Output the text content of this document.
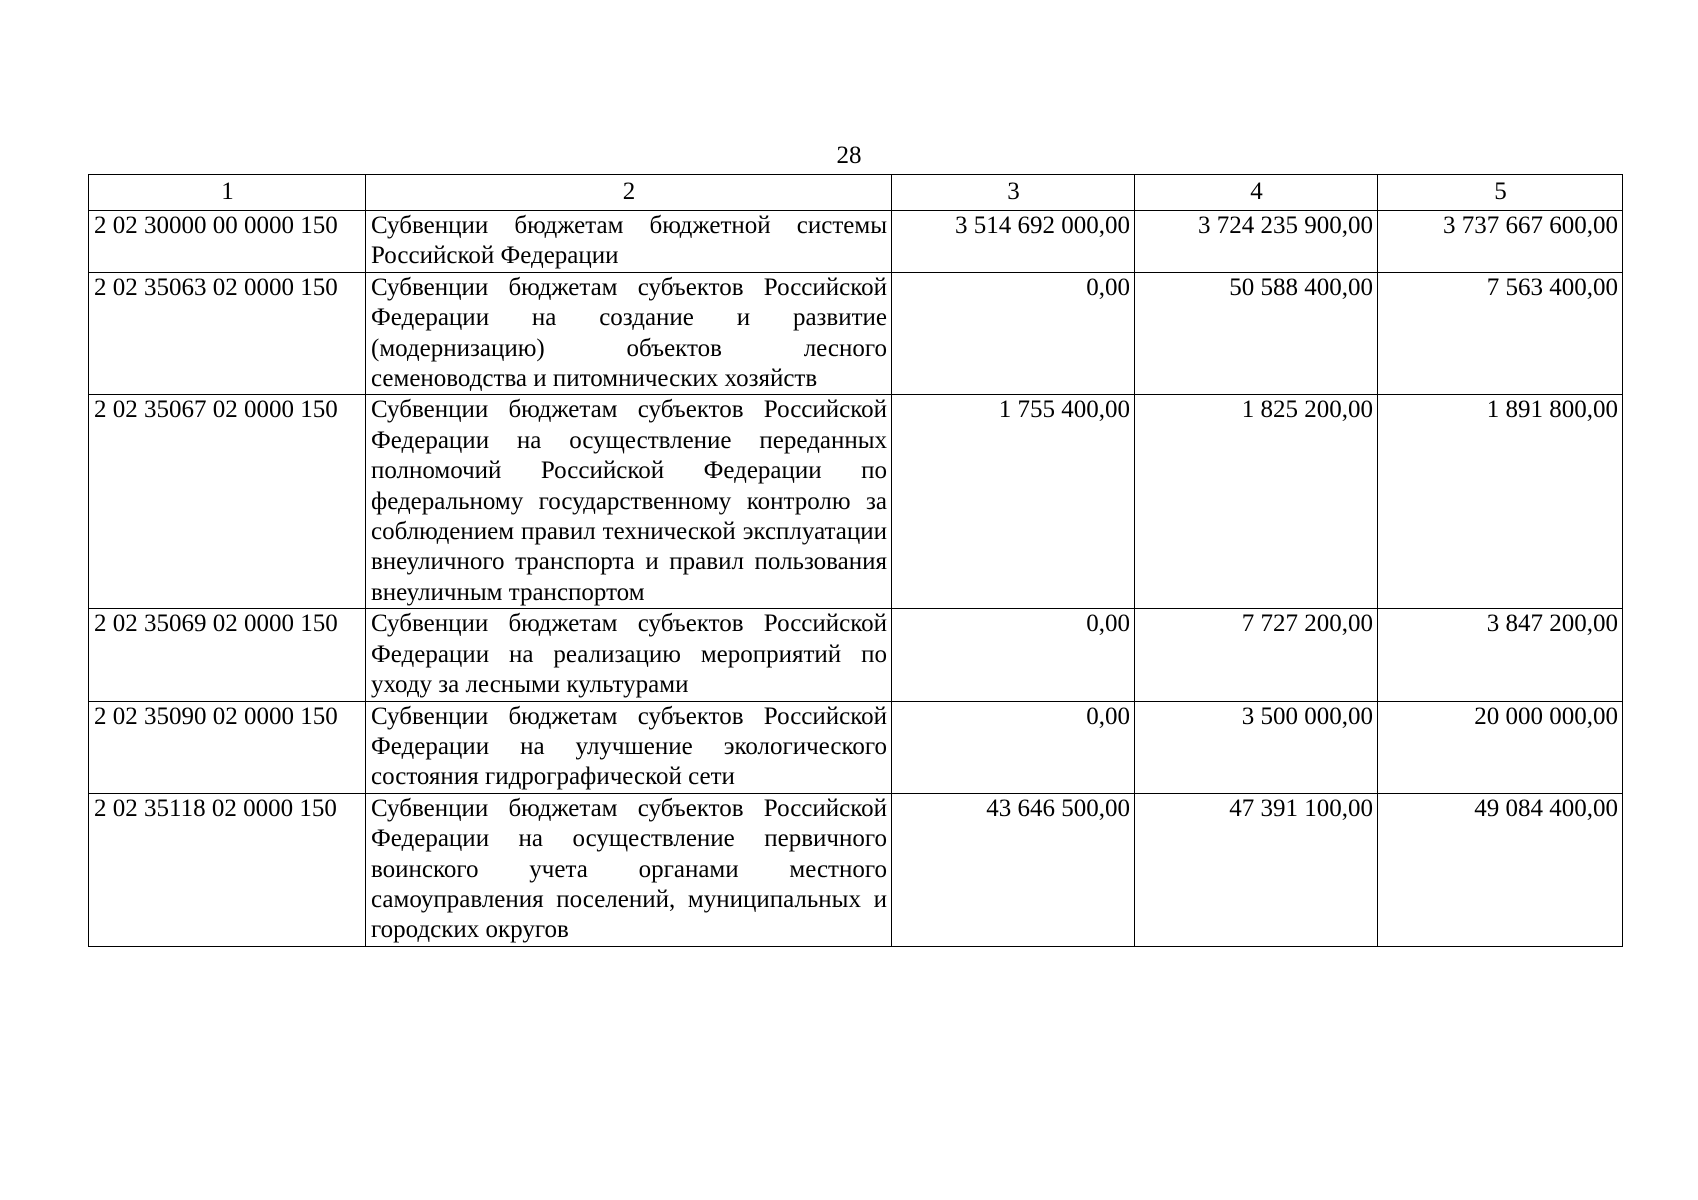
28
1	2	3	4	5
2 02 30000 00 0000 150	Субвенции бюджетам бюджетной системы Российской Федерации	3 514 692 000,00	3 724 235 900,00	3 737 667 600,00
2 02 35063 02 0000 150	Субвенции бюджетам субъектов Российской Федерации на создание и развитие (модернизацию) объектов лесного семеноводства и питомнических хозяйств	0,00	50 588 400,00	7 563 400,00
2 02 35067 02 0000 150	Субвенции бюджетам субъектов Российской Федерации на осуществление переданных полномочий Российской Федерации по федеральному государственному контролю за соблюдением правил технической эксплуатации внеуличного транспорта и правил пользования внеуличным транспортом	1 755 400,00	1 825 200,00	1 891 800,00
2 02 35069 02 0000 150	Субвенции бюджетам субъектов Российской Федерации на реализацию мероприятий по уходу за лесными культурами	0,00	7 727 200,00	3 847 200,00
2 02 35090 02 0000 150	Субвенции бюджетам субъектов Российской Федерации на улучшение экологического состояния гидрографической сети	0,00	3 500 000,00	20 000 000,00
2 02 35118 02 0000 150	Субвенции бюджетам субъектов Российской Федерации на осуществление первичного воинского учета органами местного самоуправления поселений, муниципальных и городских округов	43 646 500,00	47 391 100,00	49 084 400,00
